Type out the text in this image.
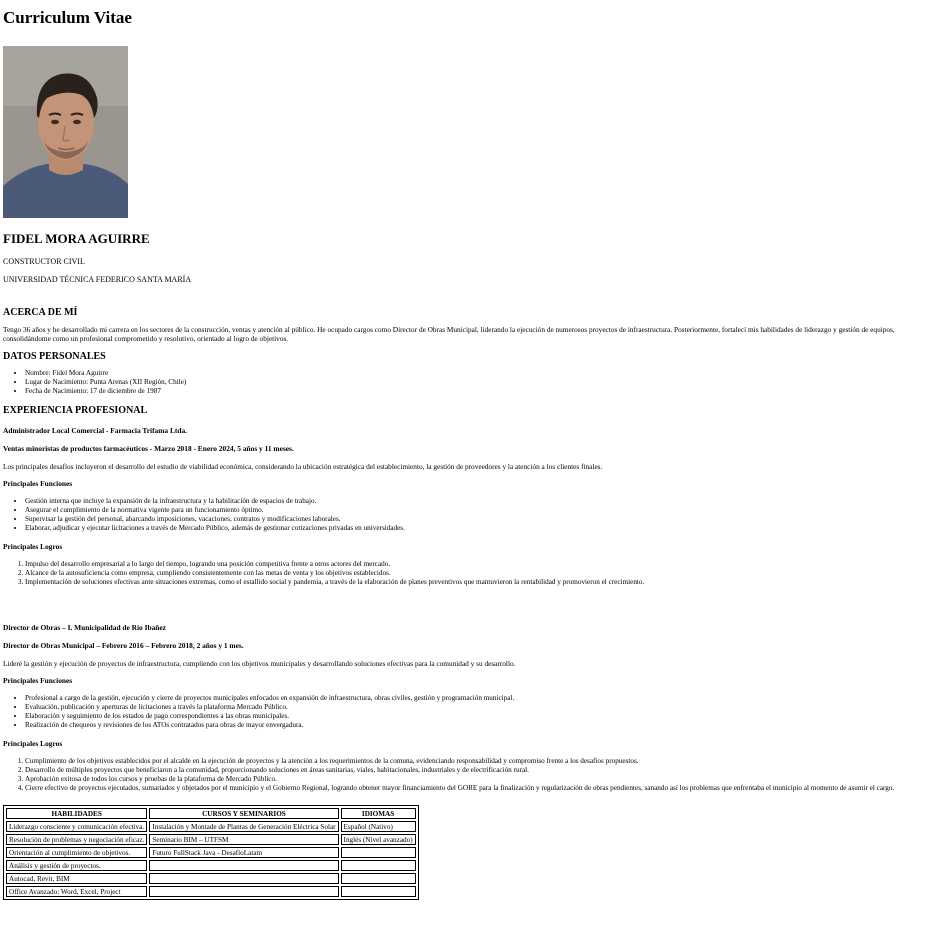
Curriculum Vitae
FIDEL MORA AGUIRRE
CONSTRUCTOR CIVIL
UNIVERSIDAD TÉCNICA FEDERICO SANTA MARÍA
ACERCA DE MÍ

Tengo 36 años y he desarrollado mi carrera en los sectores de la construcción, ventas y atención al público. He ocupado cargos como Director de Obras Municipal, liderando la ejecución de numerosos proyectos de infraestructura. Posteriormente, fortalecí mis habilidades de liderazgo y gestión de equipos, consolidándome como un profesional comprometido y resolutivo, orientado al logro de objetivos.

DATOS PERSONALES
• Nombre: Fidel Mora Aguirre
• Lugar de Nacimiento: Punta Arenas (XII Región, Chile)
• Fecha de Nacimiento: 17 de diciembre de 1987
EXPERIENCIA PROFESIONAL
Administrador Local Comercial - Farmacia Trifama Ltda.
Ventas minoristas de productos farmacéuticos - Marzo 2018 - Enero 2024, 5 años y 11 meses.

Los principales desafíos incluyeron el desarrollo del estudio de viabilidad económica, considerando la ubicación estratégica del establecimiento, la gestión de proveedores y la atención a los clientes finales.

Principales Funciones
• Gestión interna que incluye la expansión de la infraestructura y la habilitación de espacios de trabajo.
• Asegurar el cumplimiento de la normativa vigente para un funcionamiento óptimo.
• Supervisar la gestión del personal, abarcando imposiciones, vacaciones, contratos y modificaciones laborales.
• Elaborar, adjudicar y ejecutar licitaciones a través de Mercado Público, además de gestionar cotizaciones privadas en universidades.
Principales Logros
1. Impulso del desarrollo empresarial a lo largo del tiempo, logrando una posición competitiva frente a otros actores del mercado.
2. Alcance de la autosuficiencia como empresa, cumpliendo consistentemente con las metas de venta y los objetivos establecidos.
3. Implementación de soluciones efectivas ante situaciones extremas, como el estallido social y pandemia, a través de la elaboración de planes preventivos que mantuvieron la rentabilidad y promovieron el crecimiento.
Director de Obras – I. Municipalidad de Río Ibañez
Director de Obras Municipal – Febrero 2016 – Febrero 2018, 2 años y 1 mes.

Lideré la gestión y ejecución de proyectos de infraestructura, cumpliendo con los objetivos municipales y desarrollando soluciones efectivas para la comunidad y su desarrollo.

Principales Funciones
• Profesional a cargo de la gestión, ejecución y cierre de proyectos municipales enfocados en expansión de infraestructura, obras civiles, gestión y programación municipal.
• Evaluación, publicación y aperturas de licitaciones a través la plataforma Mercado Público.
• Elaboración y seguimiento de los estados de pago correspondientes a las obras municipales.
• Realización de chequeos y revisiones de los ATOs contratados para obras de mayor envergadura.
Principales Logros
1. Cumplimiento de los objetivos establecidos por el alcalde en la ejecución de proyectos y la atención a los requerimientos de la comuna, evidenciando responsabilidad y compromiso frente a los desafíos propuestos.
2. Desarrollo de múltiples proyectos que beneficiaron a la comunidad, proporcionando soluciones en áreas sanitarias, viales, habitacionales, industriales y de electrificación rural.
3. Aprobación exitosa de todos los cursos y pruebas de la plataforma de Mercado Público.
4. Cierre efectivo de proyectos ejecutados, sumariados y objetados por el municipio y el Gobierno Regional, logrando obtener mayor financiamiento del GORE para la finalización y regularización de obras pendientes, sanando así los problemas que enfrentaba el municipio al momento de asumir el cargo.
HABILIDADES	CURSOS Y SEMINARIOS	IDIOMAS
Liderazgo consciente y comunicación efectiva.	Instalación y Montade de Plantas de Generación Eléctrica Solar	Español (Nativo)
Resolución de problemas y negociación eficaz.	Seminario BIM – UTFSM	Inglés (Nivel avanzado)
Orientación al cumplimiento de objetivos.	Futuro FullStack Java - DesafíoLatam	
Análisis y gestión de proyectos.		
Autocad, Revit, BIM		
Office Avanzado: Word, Excel, Project		
